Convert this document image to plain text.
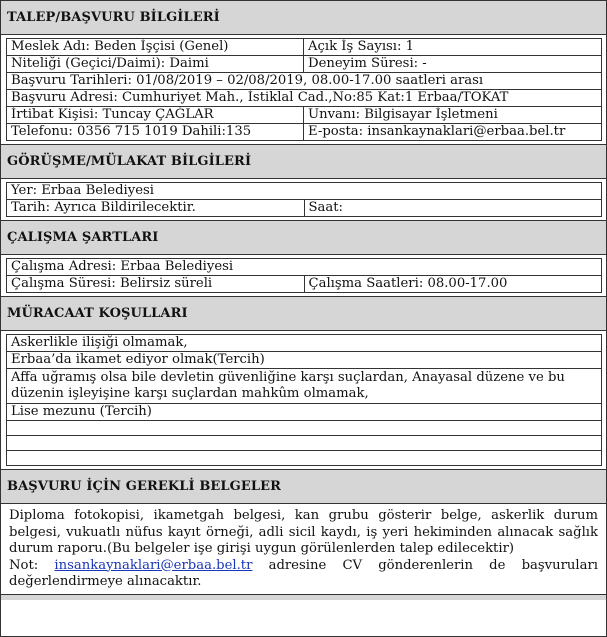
TALEP/BAŞVURU BİLGİLERİ
Meslek Adı: Beden İşçisi (Genel)	Açık İş Sayısı: 1
Niteliği (Geçici/Daimi): Daimi	Deneyim Süresi: -
Başvuru Tarihleri: 01/08/2019 – 02/08/2019, 08.00-17.00 saatleri arası	
Başvuru Adresi: Cumhuriyet Mah., İstiklal Cad.,No:85 Kat:1 Erbaa/TOKAT	
İrtibat Kişisi: Tuncay ÇAĞLAR	Unvanı: Bilgisayar İşletmeni
Telefonu: 0356 715 1019 Dahili:135	E-posta: insankaynaklari@erbaa.bel.tr
GÖRÜŞME/MÜLAKAT BİLGİLERİ
Yer: Erbaa Belediyesi
Tarih: Ayrıca Bildirilecektir.	Saat:
ÇALIŞMA ŞARTLARI
Çalışma Adresi: Erbaa Belediyesi
Çalışma Süresi: Belirsiz süreli	Çalışma Saatleri: 08.00-17.00
MÜRACAAT KOŞULLARI
Askerlikle ilişiği olmamak,
Erbaa’da ikamet ediyor olmak(Tercih)
Affa uğramış olsa bile devletin güvenliğine karşı suçlardan, Anayasal düzene ve bu düzenin işleyişine karşı suçlardan mahkûm olmamak,
Lise mezunu (Tercih)

BAŞVURU İÇİN GEREKLİ BELGELER
Diploma fotokopisi, ikametgah belgesi, kan grubu gösterir belge, askerlik durum belgesi, vukuatlı nüfus kayıt örneği, adli sicil kaydı, iş yeri hekiminden alınacak sağlık durum raporu.(Bu belgeler işe girişi uygun görülenlerden talep edilecektir)
Not: insankaynaklari@erbaa.bel.tr adresine CV gönderenlerin de başvuruları değerlendirmeye alınacaktır.
